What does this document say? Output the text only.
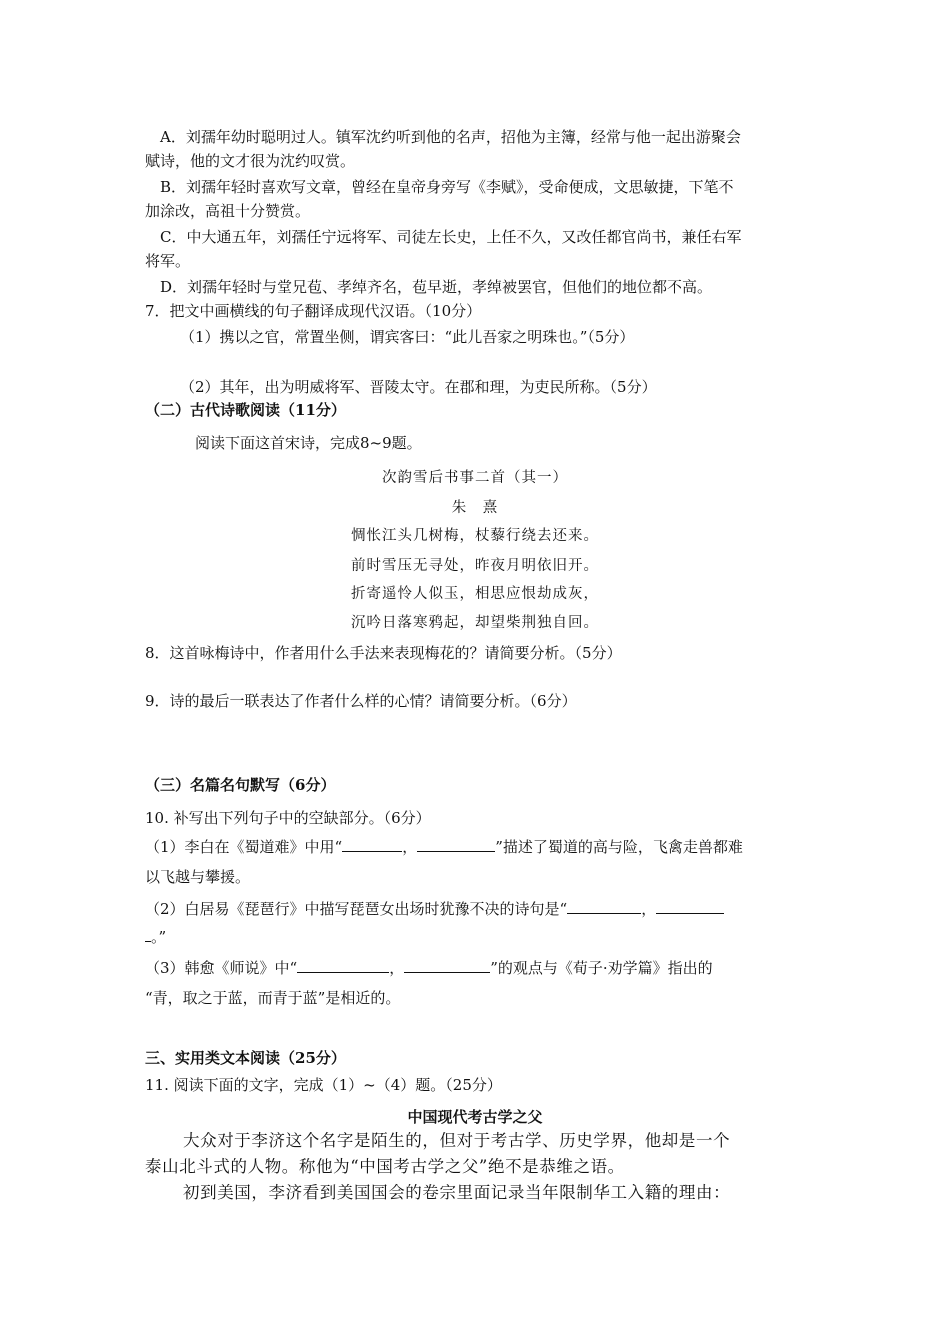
A．刘孺年幼时聪明过人。镇军沈约听到他的名声，招他为主簿，经常与他一起出游聚会
赋诗，他的文才很为沈约叹赏。
B．刘孺年轻时喜欢写文章，曾经在皇帝身旁写《李赋》，受命便成，文思敏捷，下笔不
加涂改，高祖十分赞赏。
C．中大通五年，刘孺任宁远将军、司徒左长史，上任不久，又改任都官尚书，兼任右军
将军。
D．刘孺年轻时与堂兄苞、孝绰齐名，苞早逝，孝绰被罢官，但他们的地位都不高。
7．把文中画横线的句子翻译成现代汉语。（10分）
（1）携以之官，常置坐侧，谓宾客曰：“此儿吾家之明珠也。”（5分）
（2）其年，出为明威将军、晋陵太守。在郡和理，为吏民所称。（5分）
（二）古代诗歌阅读（11分）
阅读下面这首宋诗，完成8~9题。
次韵雪后书事二首（其一）
朱　熹
惆怅江头几树梅，杖藜行绕去还来。
前时雪压无寻处，昨夜月明依旧开。
折寄遥怜人似玉，相思应恨劫成灰，
沉吟日落寒鸦起，却望柴荆独自回。
8．这首咏梅诗中，作者用什么手法来表现梅花的？请简要分析。（5分）
9．诗的最后一联表达了作者什么样的心情？请简要分析。（6分）
（三）名篇名句默写（6分）
10. 补写出下列句子中的空缺部分。（6分）
（1）李白在《蜀道难》中用“	，	”描述了蜀道的高与险，飞禽走兽都难
以飞越与攀援。
（2）白居易《琵琶行》中描写琵琶女出场时犹豫不决的诗句是“	，
。”
（3）韩愈《师说》中“	，	”的观点与《荀子·劝学篇》指出的
“青，取之于蓝，而青于蓝”是相近的。
三、实用类文本阅读（25分）
11. 阅读下面的文字，完成（1）~（4）题。（25分）
中国现代考古学之父
大众对于李济这个名字是陌生的，但对于考古学、历史学界，他却是一个
泰山北斗式的人物。称他为“中国考古学之父”绝不是恭维之语。
初到美国，李济看到美国国会的卷宗里面记录当年限制华工入籍的理由：
